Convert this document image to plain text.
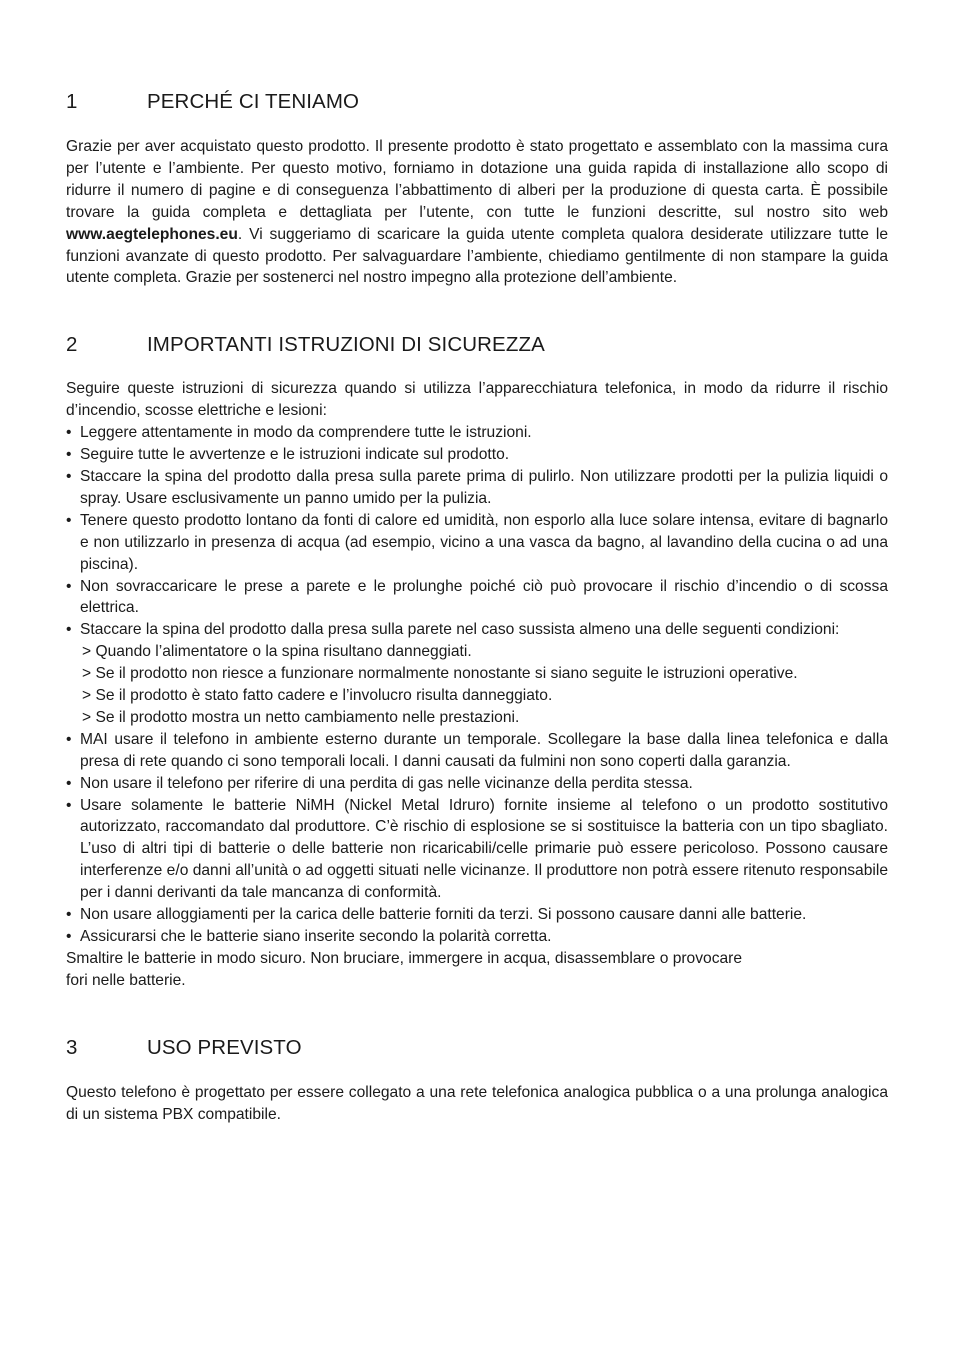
1	PERCHÉ CI TENIAMO

Grazie per aver acquistato questo prodotto. Il presente prodotto è stato progettato e assemblato con la massima cura per l’utente e l’ambiente. Per questo motivo, forniamo in dotazione una guida rapida di installazione allo scopo di ridurre il numero di pagine e di conseguenza l’abbattimento di alberi per la produzione di questa carta. È possibile trovare la guida completa e dettagliata per l’utente, con tutte le funzioni descritte, sul nostro sito web www.aegtelephones.eu. Vi suggeriamo di scaricare la guida utente completa qualora desiderate utilizzare tutte le funzioni avanzate di questo prodotto. Per salvaguardare l’ambiente, chiediamo gentilmente di non stampare la guida utente completa. Grazie per sostenerci nel nostro impegno alla protezione dell’ambiente.

2	IMPORTANTI ISTRUZIONI DI SICUREZZA

Seguire queste istruzioni di sicurezza quando si utilizza l’apparecchiatura telefonica, in modo da ridurre il rischio d’incendio, scosse elettriche e lesioni:

• Leggere attentamente in modo da comprendere tutte le istruzioni.
• Seguire tutte le avvertenze e le istruzioni indicate sul prodotto.
• Staccare la spina del prodotto dalla presa sulla parete prima di pulirlo. Non utilizzare prodotti per la pulizia liquidi o spray. Usare esclusivamente un panno umido per la pulizia.
• Tenere questo prodotto lontano da fonti di calore ed umidità, non esporlo alla luce solare intensa, evitare di bagnarlo e non utilizzarlo in presenza di acqua (ad esempio, vicino a una vasca da bagno, al lavandino della cucina o ad una piscina).
• Non sovraccaricare le prese a parete e le prolunghe poiché ciò può provocare il rischio d’incendio o di scossa elettrica.
• Staccare la spina del prodotto dalla presa sulla parete nel caso sussista almeno una delle seguenti condizioni:
> Quando l’alimentatore o la spina risultano danneggiati.
> Se il prodotto non riesce a funzionare normalmente nonostante si siano seguite le istruzioni operative.
> Se il prodotto è stato fatto cadere e l’involucro risulta danneggiato.
> Se il prodotto mostra un netto cambiamento nelle prestazioni.
• MAI usare il telefono in ambiente esterno durante un temporale. Scollegare la base dalla linea telefonica e dalla presa di rete quando ci sono temporali locali. I danni causati da fulmini non sono coperti dalla garanzia.
• Non usare il telefono per riferire di una perdita di gas nelle vicinanze della perdita stessa.
• Usare solamente le batterie NiMH (Nickel Metal Idruro) fornite insieme al telefono o un prodotto sostitutivo autorizzato, raccomandato dal produttore. C’è rischio di esplosione se si sostituisce la batteria con un tipo sbagliato. L’uso di altri tipi di batterie o delle batterie non ricaricabili/celle primarie può essere pericoloso. Possono causare interferenze e/o danni all’unità o ad oggetti situati nelle vicinanze. Il produttore non potrà essere ritenuto responsabile per i danni derivanti da tale mancanza di conformità.
• Non usare alloggiamenti per la carica delle batterie forniti da terzi. Si possono causare danni alle batterie.
• Assicurarsi che le batterie siano inserite secondo la polarità corretta.

Smaltire le batterie in modo sicuro. Non bruciare, immergere in acqua, disassemblare o provocare

fori nelle batterie.

3	USO PREVISTO

Questo telefono è progettato per essere collegato a una rete telefonica analogica pubblica o a una prolunga analogica di un sistema PBX compatibile.
